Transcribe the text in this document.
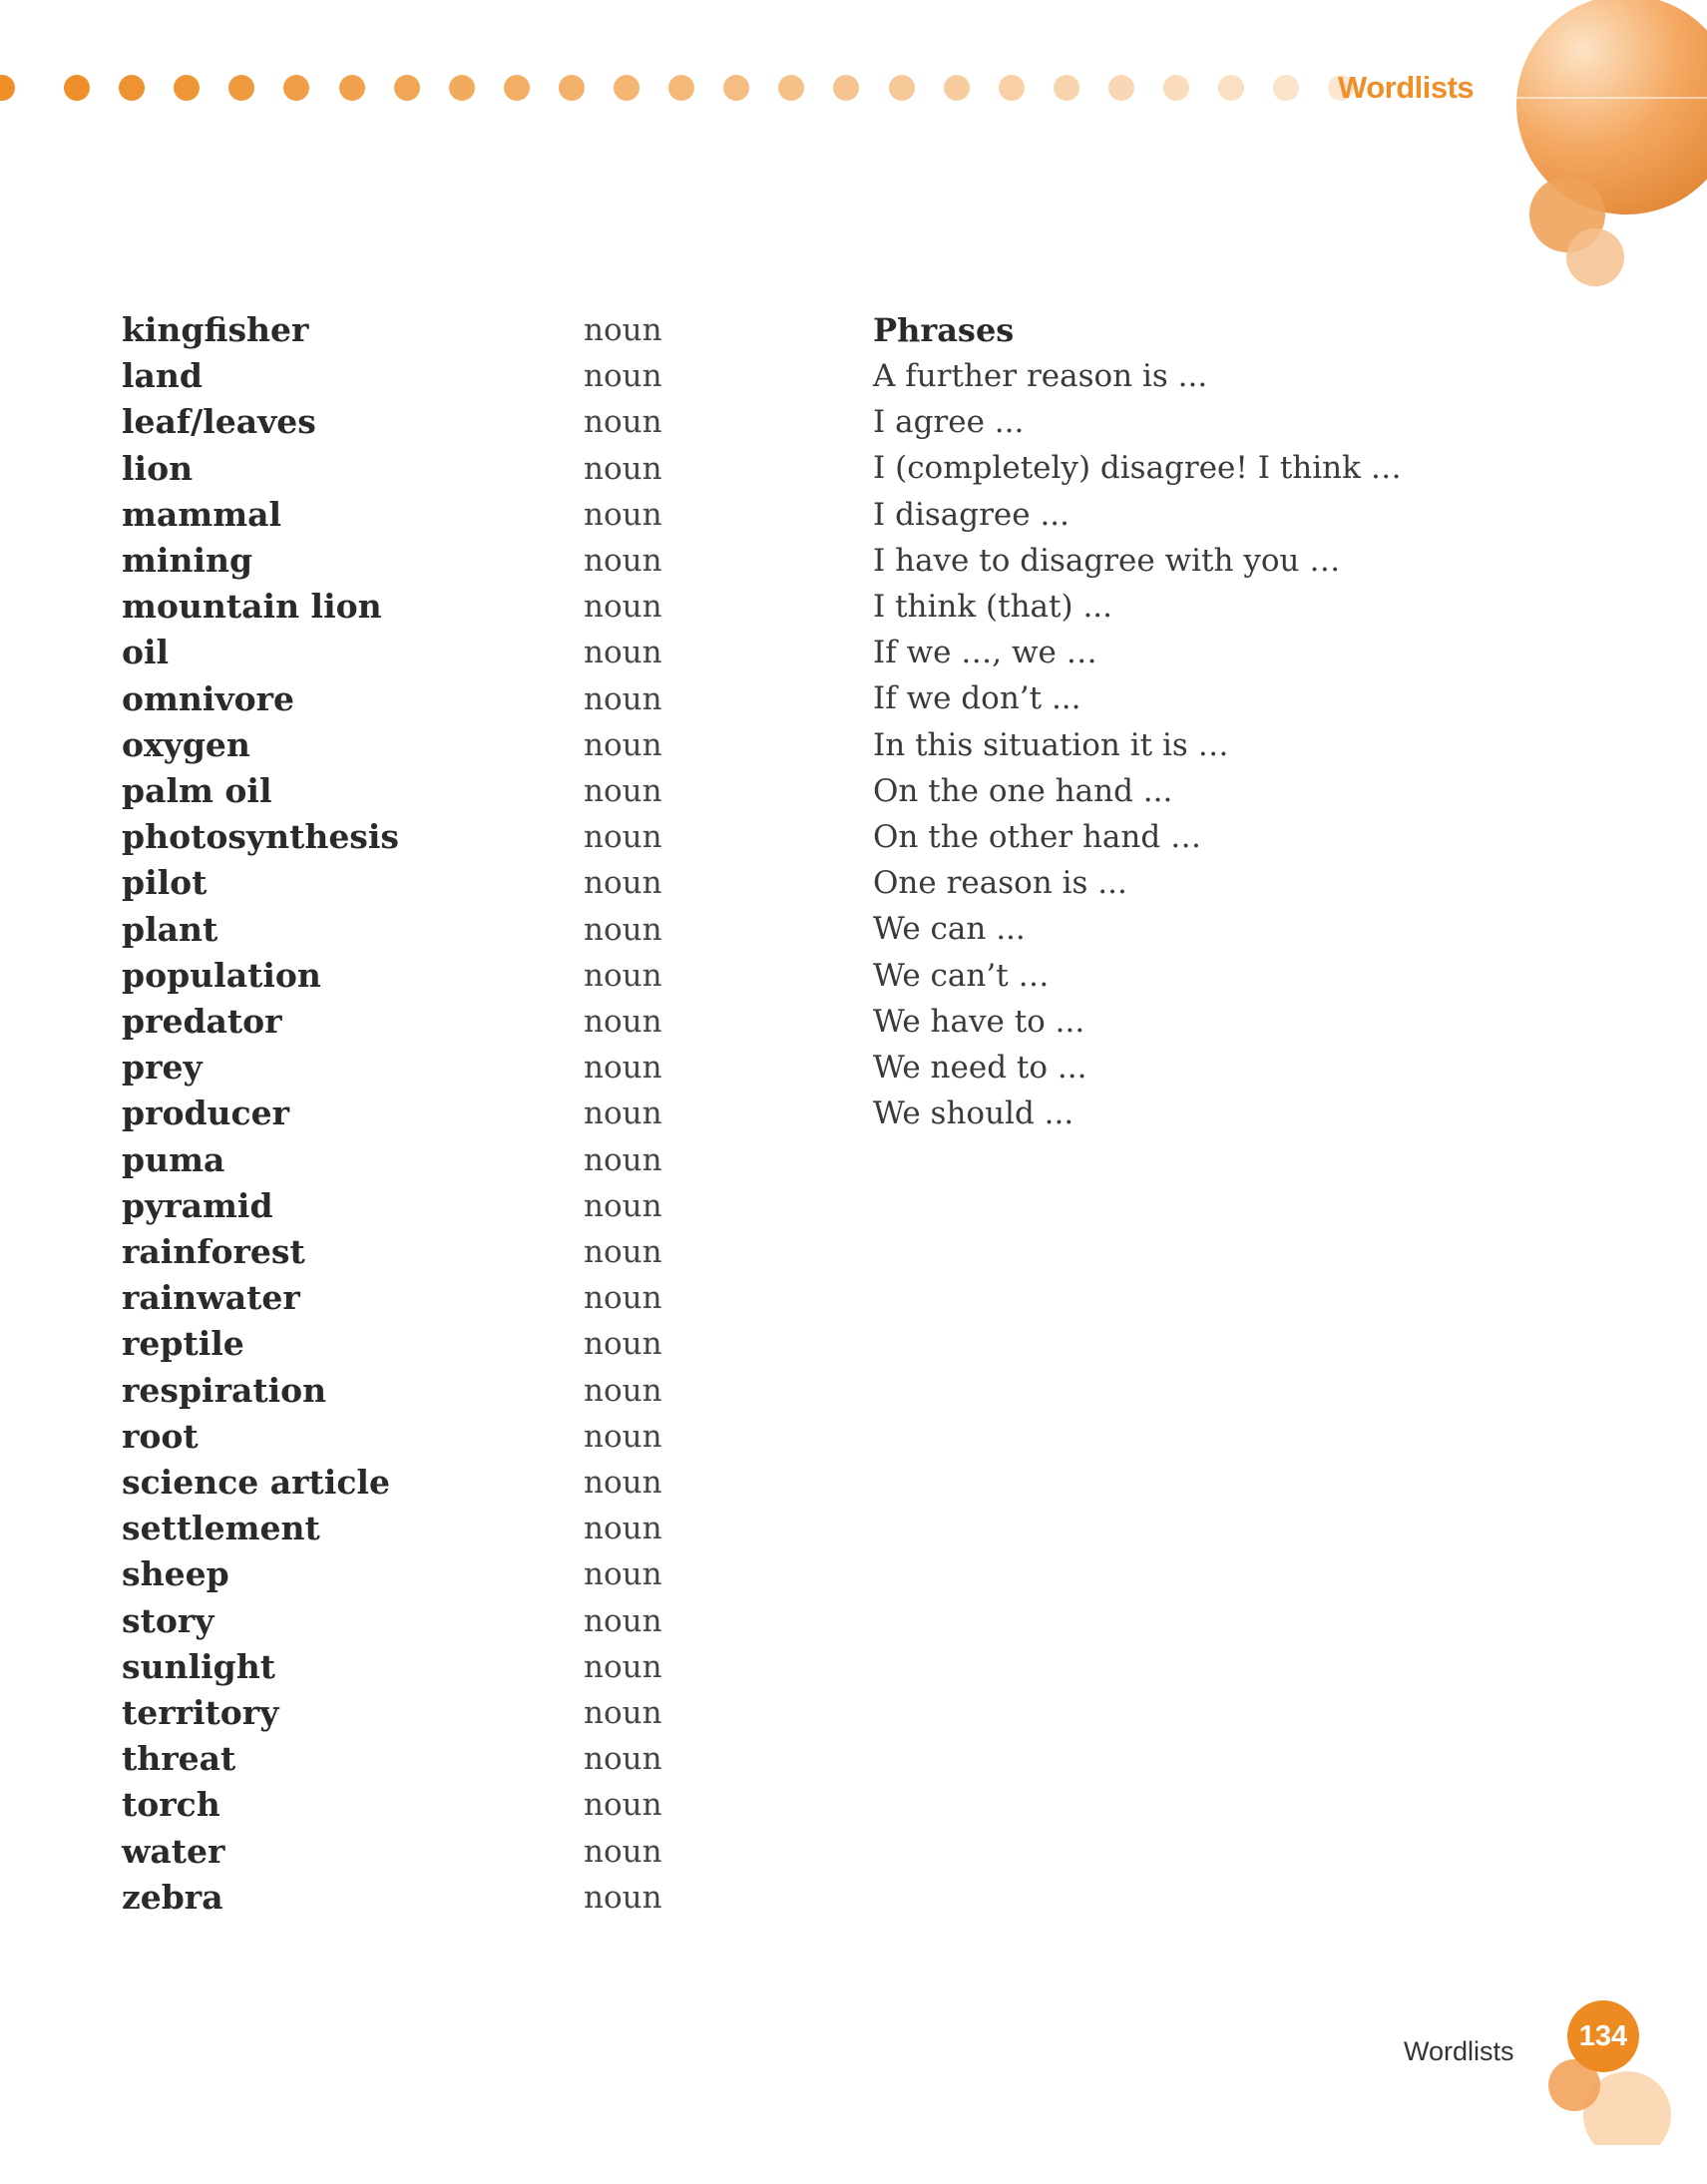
Wordlists
kingfisher	noun
land	noun
leaf/leaves	noun
lion	noun
mammal	noun
mining	noun
mountain lion	noun
oil	noun
omnivore	noun
oxygen	noun
palm oil	noun
photosynthesis	noun
pilot	noun
plant	noun
population	noun
predator	noun
prey	noun
producer	noun
puma	noun
pyramid	noun
rainforest	noun
rainwater	noun
reptile	noun
respiration	noun
root	noun
science article	noun
settlement	noun
sheep	noun
story	noun
sunlight	noun
territory	noun
threat	noun
torch	noun
water	noun
zebra	noun
Phrases
A further reason is ...
I agree ...
I (completely) disagree! I think …
I disagree ...
I have to disagree with you …
I think (that) ...
If we …, we …
If we don’t ...
In this situation it is …
On the one hand ...
On the other hand …
One reason is ...
We can ...
We can’t …
We have to ...
We need to ...
We should ...
Wordlists	134
